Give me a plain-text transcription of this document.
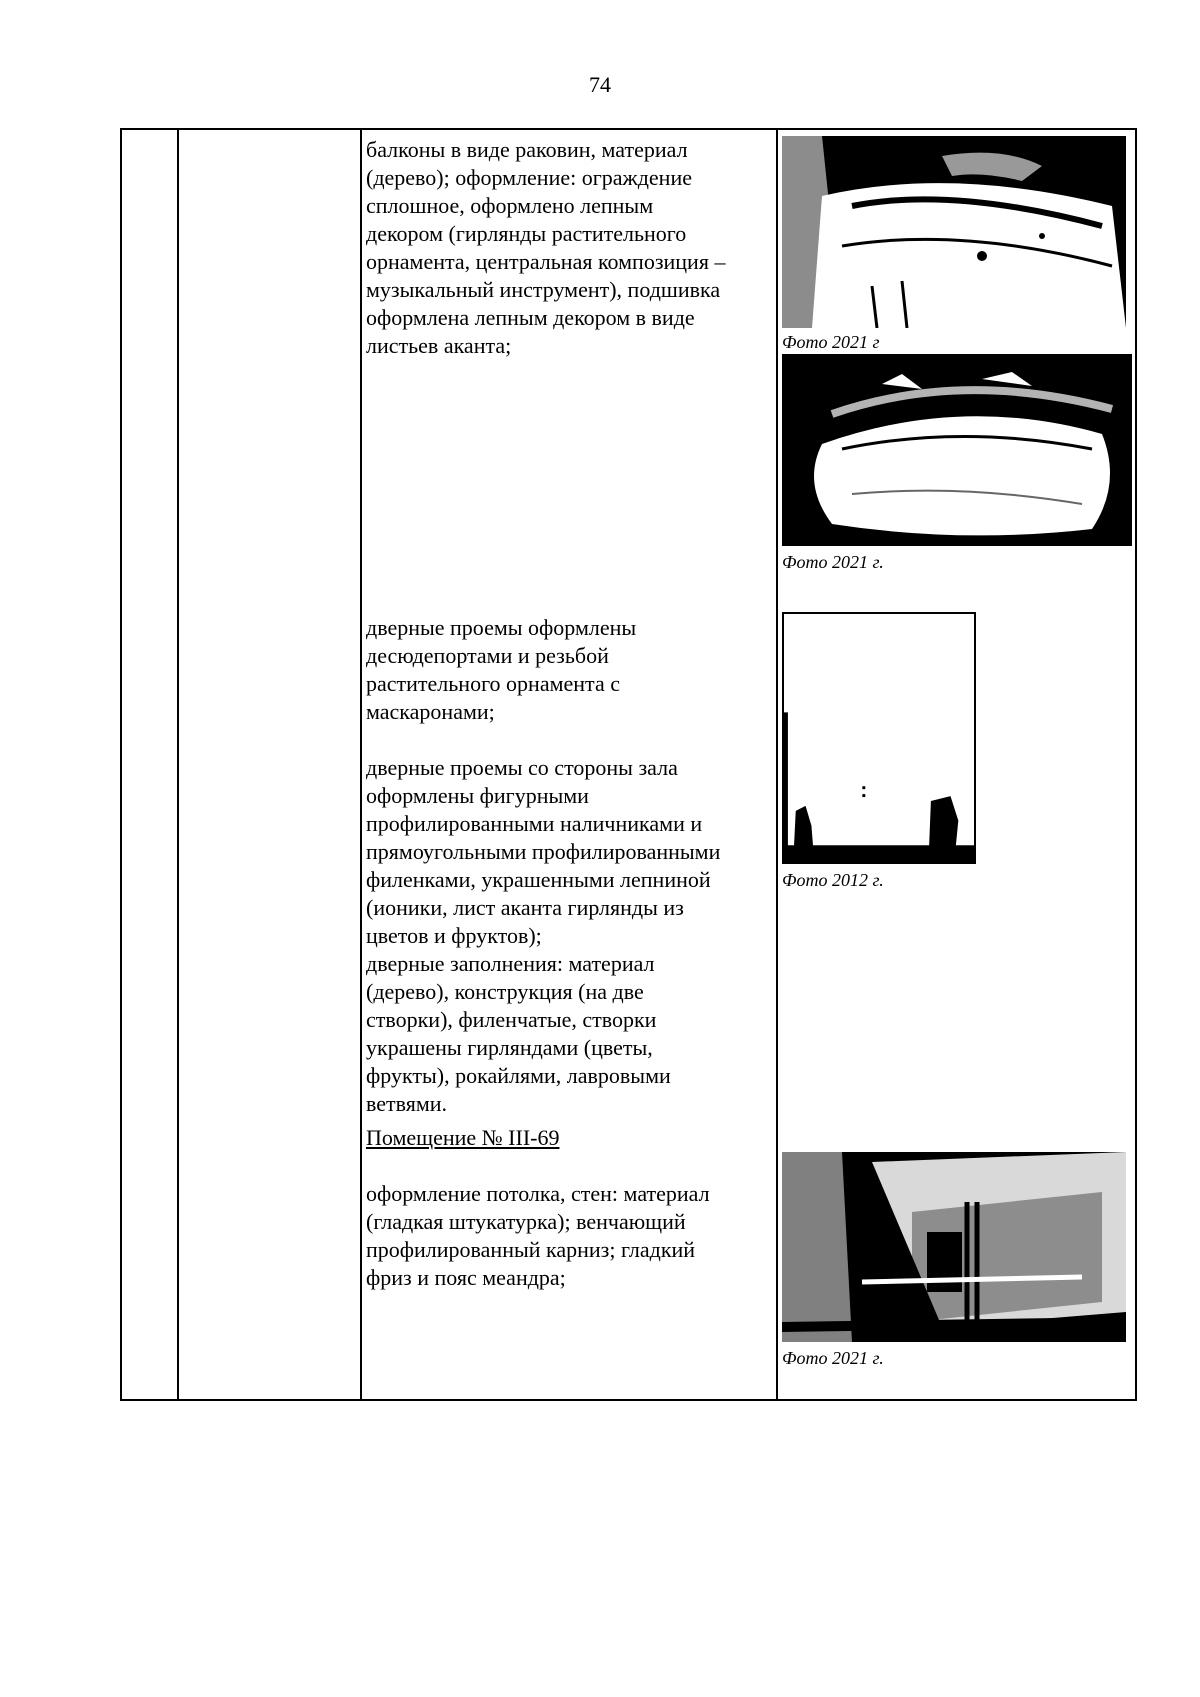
74
балконы в виде раковин, материал
(дерево); оформление: ограждение
сплошное, оформлено лепным
декором (гирлянды растительного
орнамента, центральная композиция –
музыкальный инструмент), подшивка
оформлена лепным декором в виде
листьев аканта;	Фото 2021 г
Фото 2021 г.
дверные проемы оформлены
десюдепортами и резьбой
растительного орнамента с
маскаронами;
дверные проемы со стороны зала
оформлены фигурными
профилированными наличниками и
прямоугольными профилированными
филенками, украшенными лепниной
(ионики, лист аканта гирлянды из
цветов и фруктов);
дверные заполнения: материал
(дерево), конструкция (на две
створки), филенчатые, створки
украшены гирляндами (цветы,
фрукты), рокайлями, лавровыми
ветвями.
Фото 2012 г.
Помещение № III-69
оформление потолка, стен: материал
(гладкая штукатурка); венчающий
профилированный карниз; гладкий
фриз и пояс меандра;
Фото 2021 г.
